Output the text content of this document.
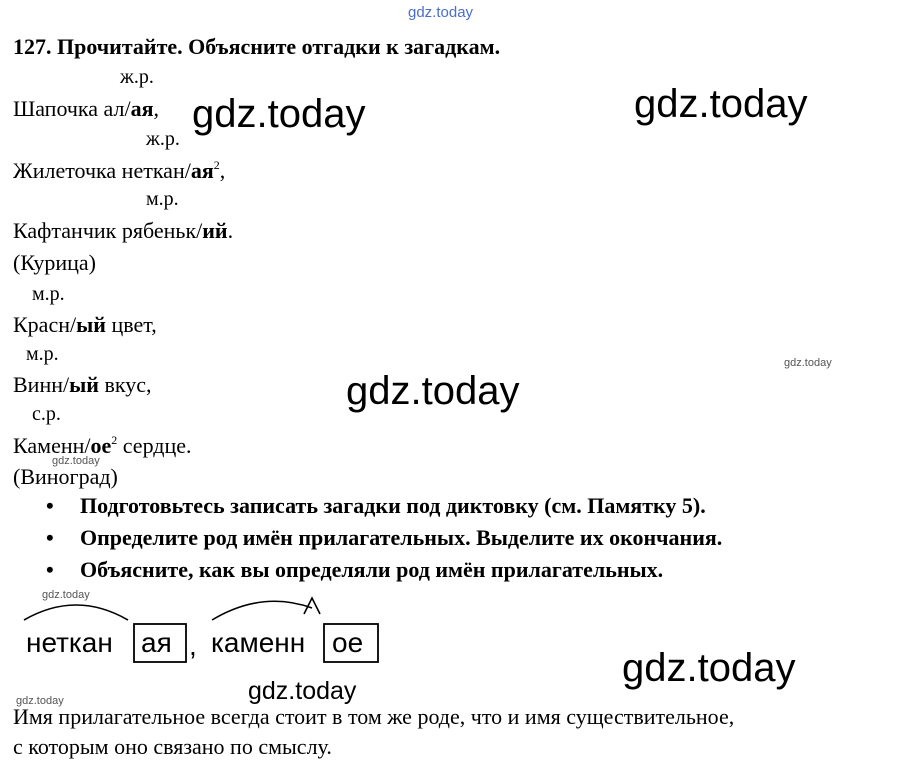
gdz.today
gdz.today	gdz.today
gdz.today
gdz.today
gdz.today
gdz.today
gdz.today
gdz.today
gdz.today
127. Прочитайте. Объясните отгадки к загадкам.
ж.р.
Шапочка ал/ая,
ж.р.
Жилеточка неткан/$ая^2$,
м.р.
Кафтанчик рябеньк/ий.
(Курица)
м.р.
Красн/ый цвет,
м.р.
Винн/ый вкус,
с.р.
Каменн/$ое^2$ сердце.
(Виноград)
• Подготовьтесь записать загадки под диктовку (см. Памятку 5).
• Определите род имён прилагательных. Выделите их окончания.
• Объясните, как вы определяли род имён прилагательных.
неткан ая , каменн ое
Имя прилагательное всегда стоит в том же роде, что и имя существительное,
с которым оно связано по смыслу.
